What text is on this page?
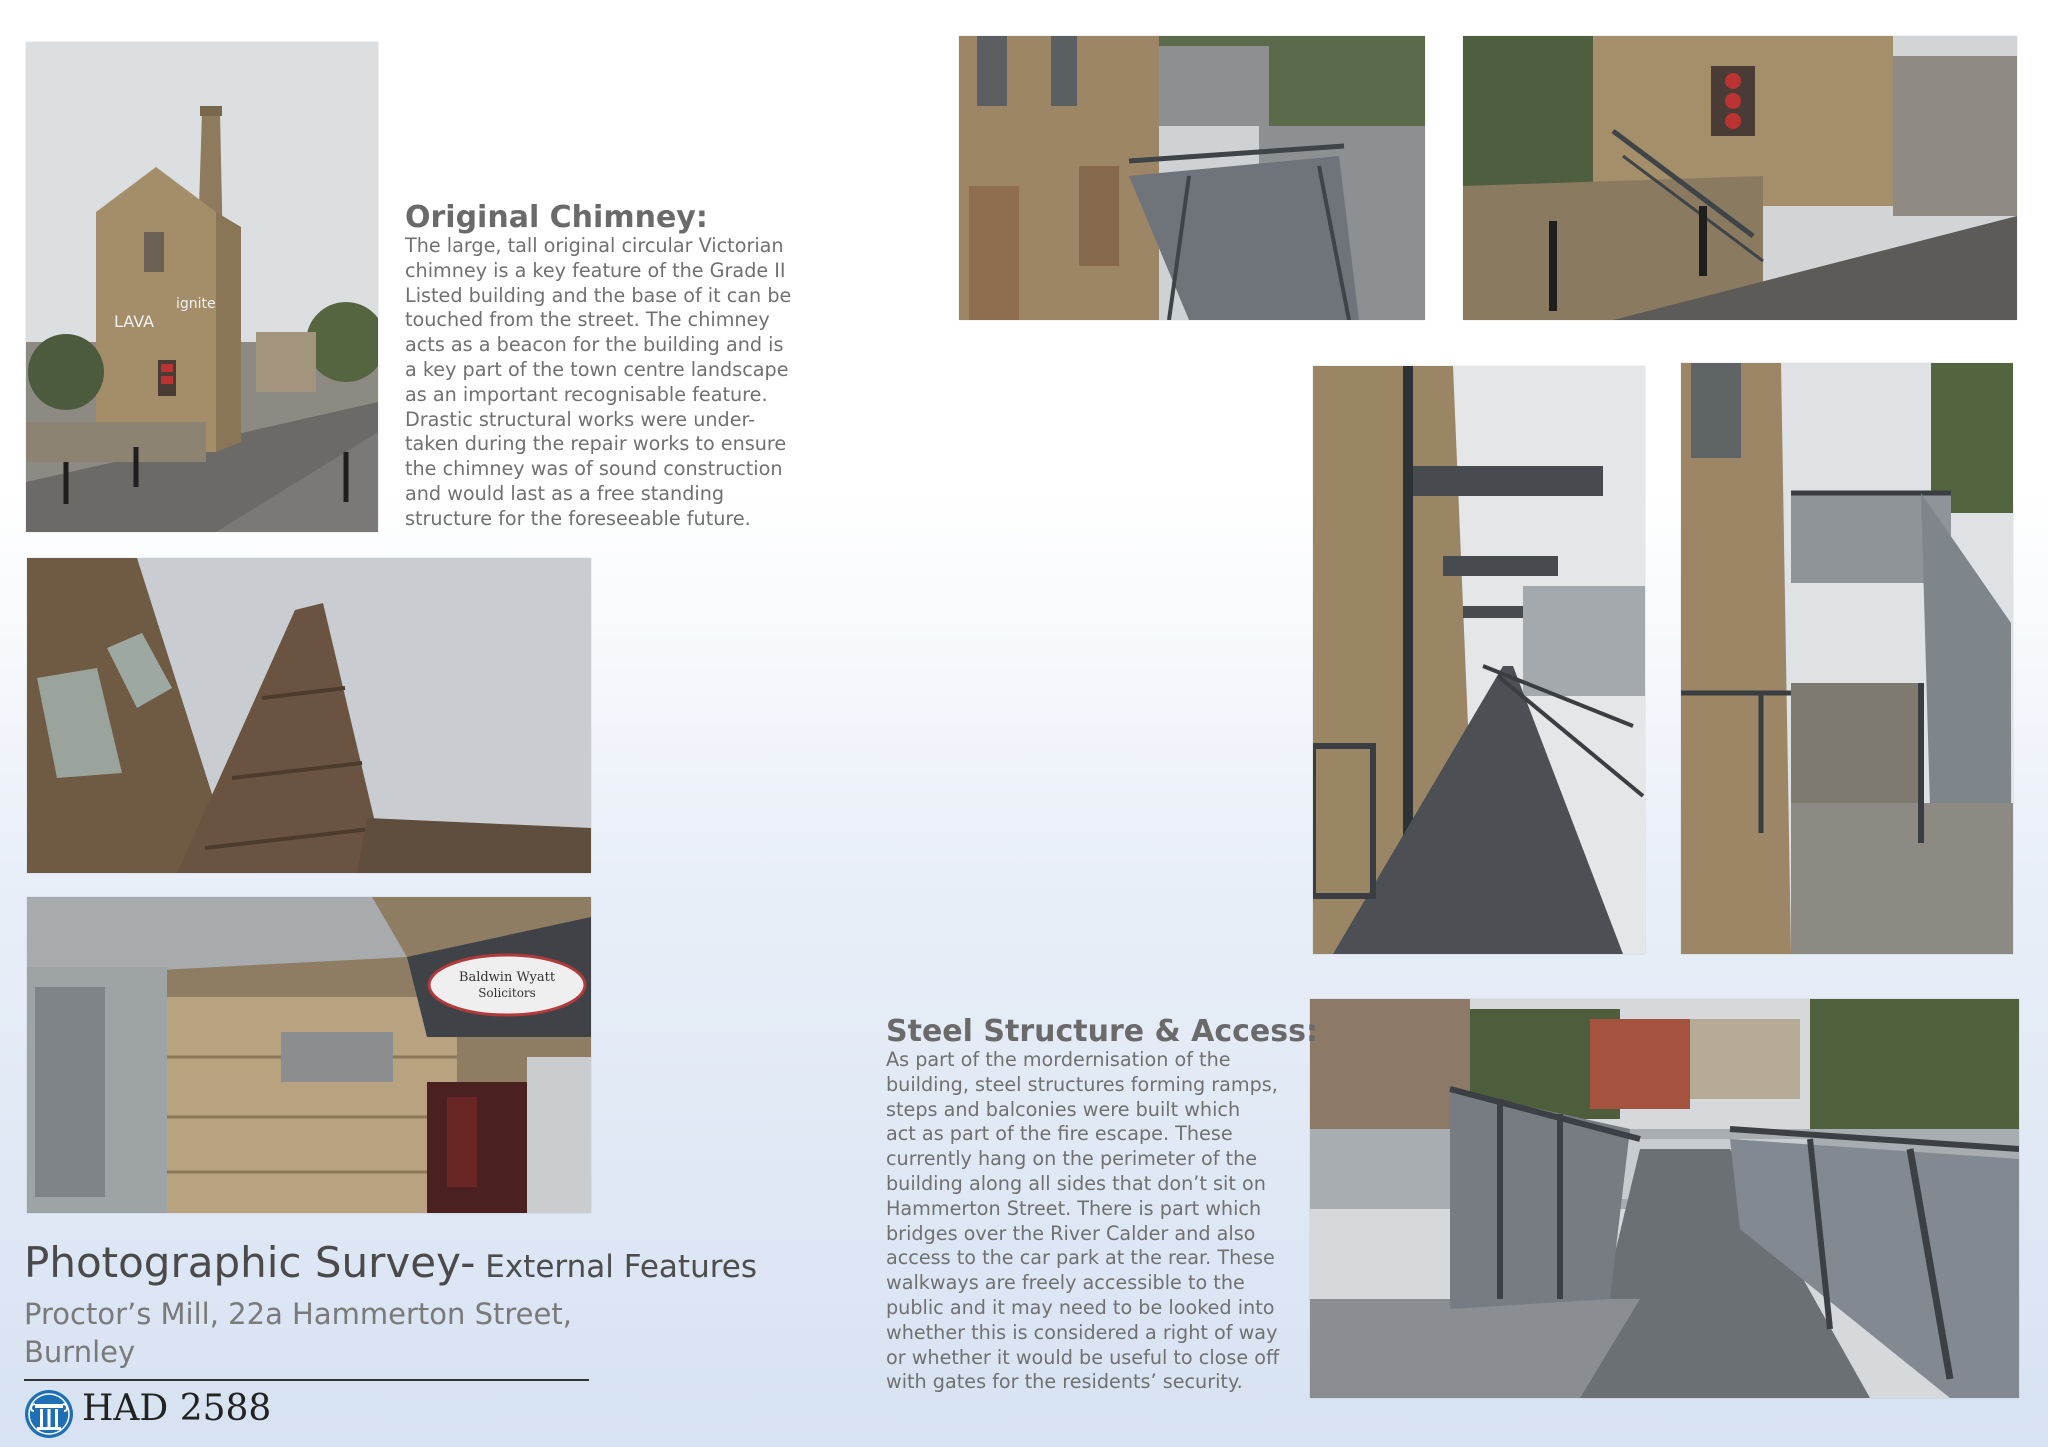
LAVA
ignite
Baldwin Wyatt
Solicitors
Original Chimney:
The large, tall original circular Victorian
chimney is a key feature of the Grade II
Listed building and the base of it can be
touched from the street. The chimney
acts as a beacon for the building and is
a key part of the town centre landscape
as an important recognisable feature.
Drastic structural works were under-
taken during the repair works to ensure
the chimney was of sound construction
and would last as a free standing
structure for the foreseeable future.
Steel Structure & Access:
As part of the mordernisation of the
building, steel structures forming ramps,
steps and balconies were built which
act as part of the fire escape. These
currently hang on the perimeter of the
building along all sides that don’t sit on
Hammerton Street. There is part which
bridges over the River Calder and also
access to the car park at the rear. These
walkways are freely accessible to the
public and it may need to be looked into
whether this is considered a right of way
or whether it would be useful to close off
with gates for the residents’ security.
Photographic Survey- External Features
Proctor’s Mill, 22a Hammerton Street,
Burnley
HAD 2588
